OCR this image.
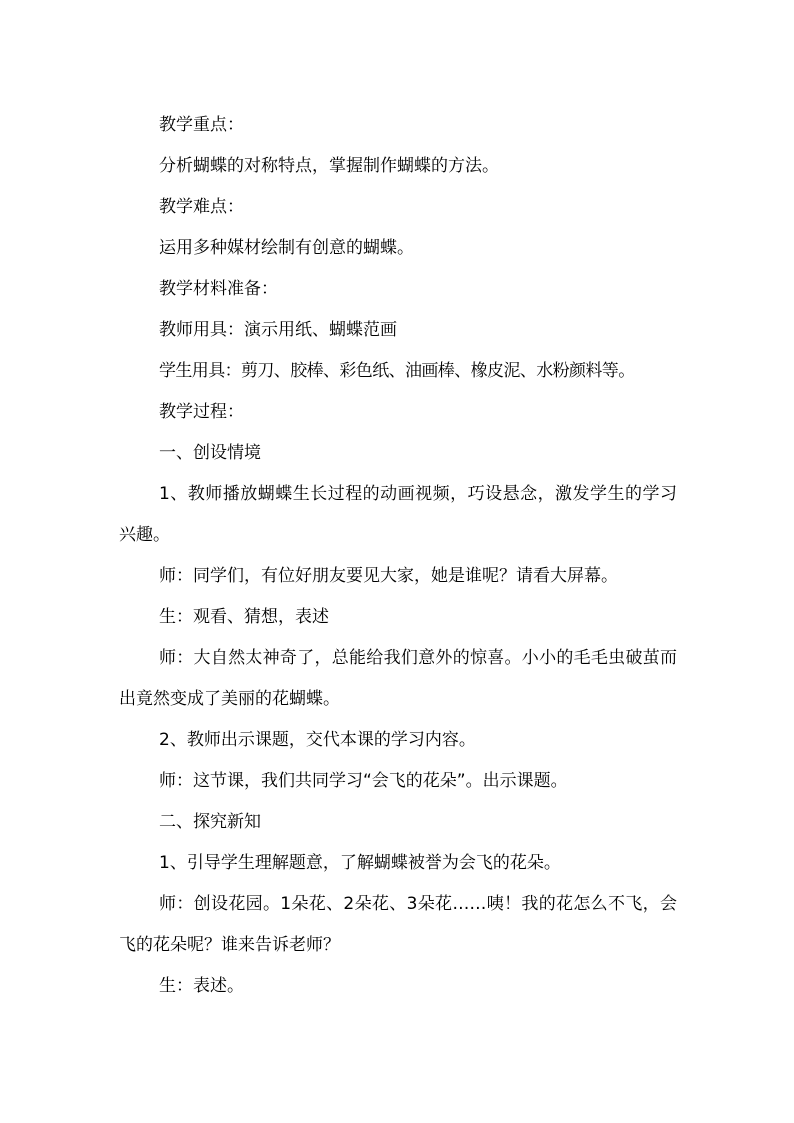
教学重点：

分析蝴蝶的对称特点，掌握制作蝴蝶的方法。

教学难点：

运用多种媒材绘制有创意的蝴蝶。

教学材料准备：

教师用具：演示用纸、蝴蝶范画

学生用具：剪刀、胶棒、彩色纸、油画棒、橡皮泥、水粉颜料等。

教学过程：

一、创设情境

1、教师播放蝴蝶生长过程的动画视频，巧设悬念，激发学生的学习兴趣。

师：同学们，有位好朋友要见大家，她是谁呢？请看大屏幕。

生：观看、猜想，表述

师：大自然太神奇了，总能给我们意外的惊喜。小小的毛毛虫破茧而出竟然变成了美丽的花蝴蝶。

2、教师出示课题，交代本课的学习内容。

师：这节课，我们共同学习“会飞的花朵”。出示课题。

二、探究新知

1、引导学生理解题意，了解蝴蝶被誉为会飞的花朵。

师：创设花园。1朵花、2朵花、3朵花……咦！我的花怎么不飞，会飞的花朵呢？谁来告诉老师？

生：表述。
